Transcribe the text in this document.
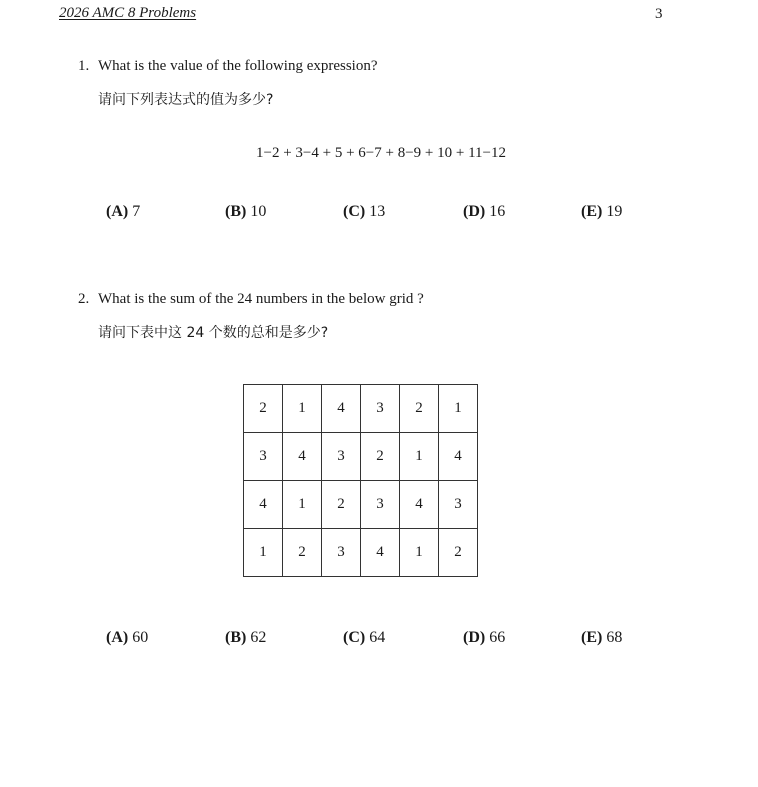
2026 AMC 8 Problems	3
1. What is the value of the following expression?
请问下列表达式的值为多少?
1−2 + 3−4 + 5 + 6−7 + 8−9 + 10 + 11−12
(A) 7	(B) 10	(C) 13	(D) 16	(E) 19
2. What is the sum of the 24 numbers in the below grid ?
请问下表中这 24 个数的总和是多少?
2	1	4	3	2	1
3	4	3	2	1	4
4	1	2	3	4	3
1	2	3	4	1	2
(A) 60	(B) 62	(C) 64	(D) 66	(E) 68
